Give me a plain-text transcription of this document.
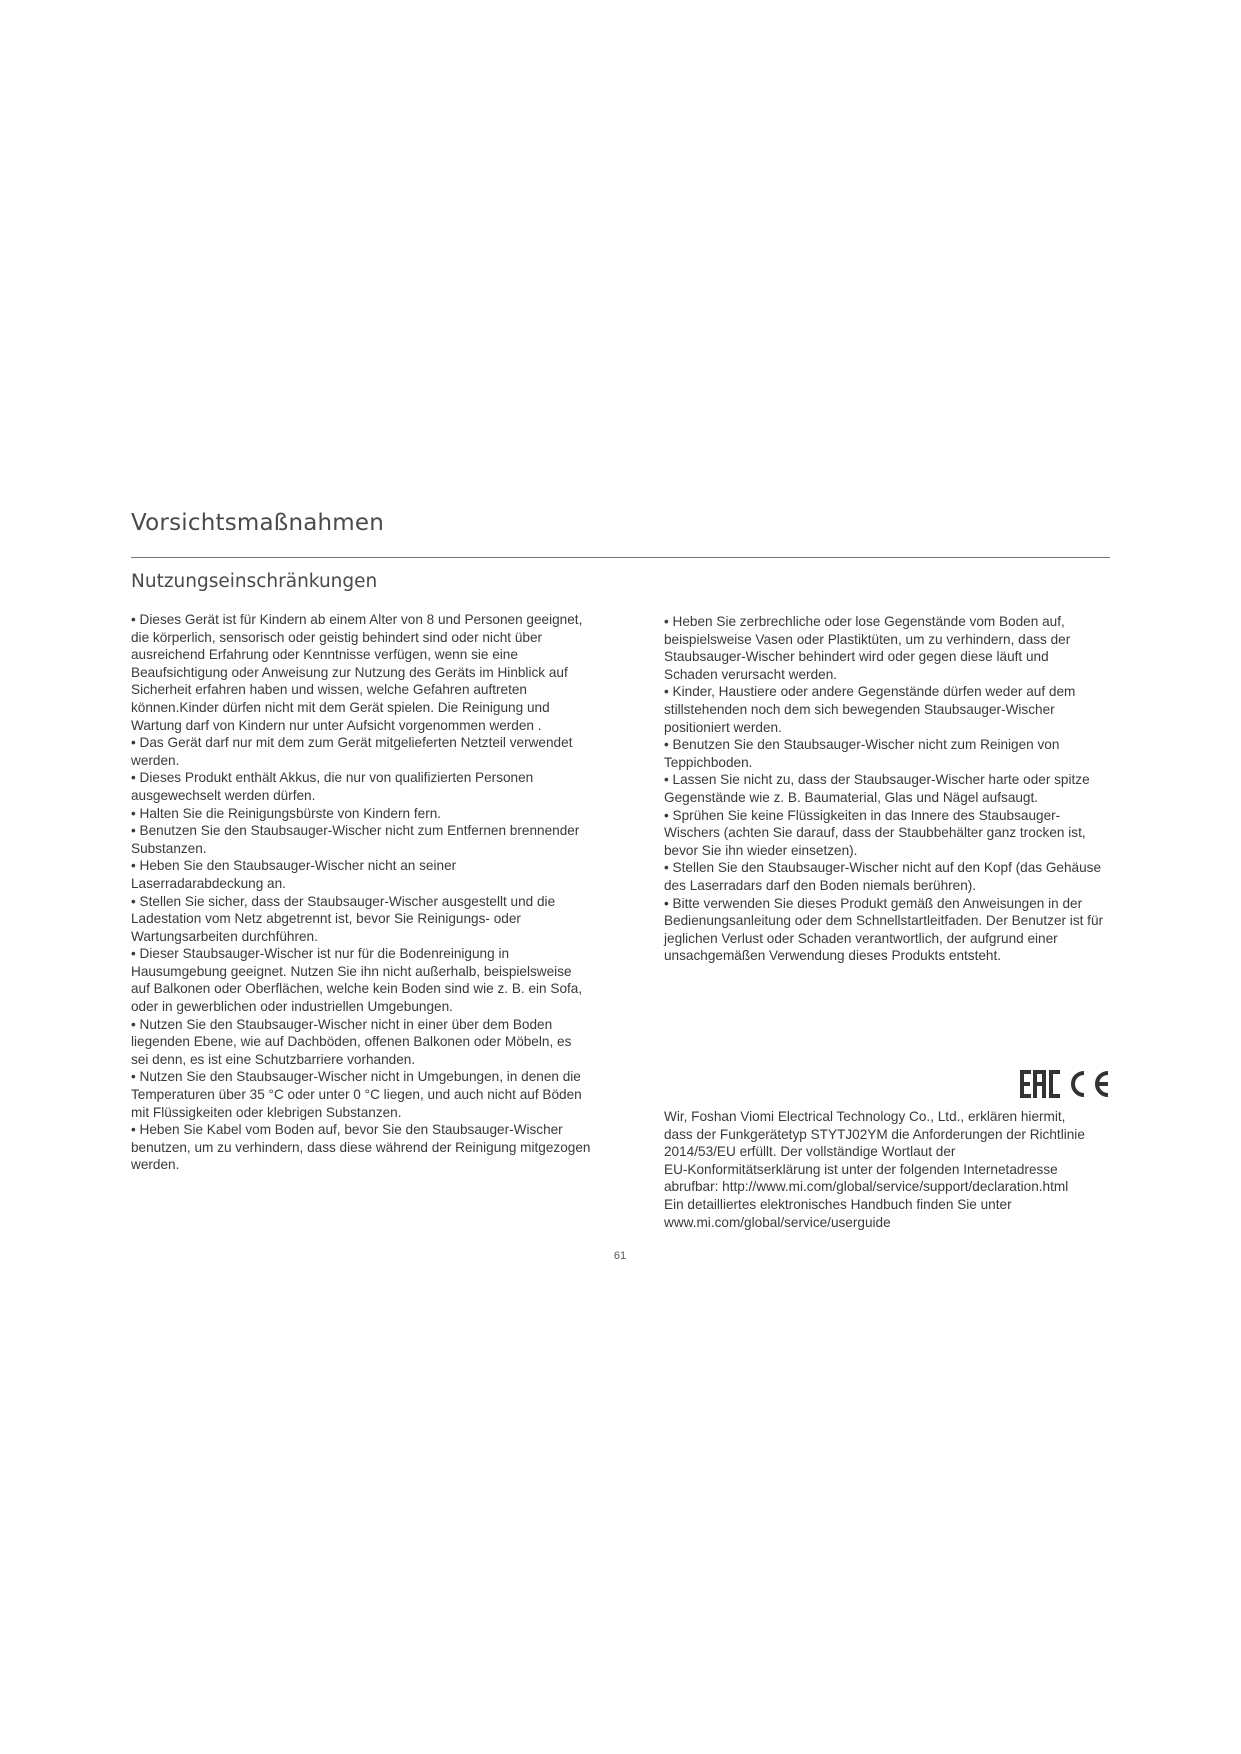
Vorsichtsmaßnahmen
Nutzungseinschränkungen
• Dieses Gerät ist für Kindern ab einem Alter von 8 und Personen geeignet, die körperlich, sensorisch oder geistig behindert sind oder nicht über ausreichend Erfahrung oder Kenntnisse verfügen, wenn sie eine Beaufsichtigung oder Anweisung zur Nutzung des Geräts im Hinblick auf Sicherheit erfahren haben und wissen, welche Gefahren auftreten können.Kinder dürfen nicht mit dem Gerät spielen. Die Reinigung und Wartung darf von Kindern nur unter Aufsicht vorgenommen werden .
• Das Gerät darf nur mit dem zum Gerät mitgelieferten Netzteil verwendet werden.
• Dieses Produkt enthält Akkus, die nur von qualifizierten Personen ausgewechselt werden dürfen.
• Halten Sie die Reinigungsbürste von Kindern fern.
• Benutzen Sie den Staubsauger-Wischer nicht zum Entfernen brennender Substanzen.
• Heben Sie den Staubsauger-Wischer nicht an seiner Laserradarabdeckung an.
• Stellen Sie sicher, dass der Staubsauger-Wischer ausgestellt und die Ladestation vom Netz abgetrennt ist, bevor Sie Reinigungs- oder Wartungsarbeiten durchführen.
• Dieser Staubsauger-Wischer ist nur für die Bodenreinigung in Hausumgebung geeignet. Nutzen Sie ihn nicht außerhalb, beispielsweise auf Balkonen oder Oberflächen, welche kein Boden sind wie z. B. ein Sofa, oder in gewerblichen oder industriellen Umgebungen.
• Nutzen Sie den Staubsauger-Wischer nicht in einer über dem Boden liegenden Ebene, wie auf Dachböden, offenen Balkonen oder Möbeln, es sei denn, es ist eine Schutzbarriere vorhanden.
• Nutzen Sie den Staubsauger-Wischer nicht in Umgebungen, in denen die Temperaturen über 35 °C oder unter 0 °C liegen, und auch nicht auf Böden mit Flüssigkeiten oder klebrigen Substanzen.
• Heben Sie Kabel vom Boden auf, bevor Sie den Staubsauger-Wischer benutzen, um zu verhindern, dass diese während der Reinigung mitgezogen werden.
• Heben Sie zerbrechliche oder lose Gegenstände vom Boden auf, beispielsweise Vasen oder Plastiktüten, um zu verhindern, dass der Staubsauger-Wischer behindert wird oder gegen diese läuft und Schaden verursacht werden.
• Kinder, Haustiere oder andere Gegenstände dürfen weder auf dem stillstehenden noch dem sich bewegenden Staubsauger-Wischer positioniert werden.
• Benutzen Sie den Staubsauger-Wischer nicht zum Reinigen von Teppichboden.
• Lassen Sie nicht zu, dass der Staubsauger-Wischer harte oder spitze Gegenstände wie z. B. Baumaterial, Glas und Nägel aufsaugt.
• Sprühen Sie keine Flüssigkeiten in das Innere des Staubsauger-Wischers (achten Sie darauf, dass der Staubbehälter ganz trocken ist, bevor Sie ihn wieder einsetzen).
• Stellen Sie den Staubsauger-Wischer nicht auf den Kopf (das Gehäuse des Laserradars darf den Boden niemals berühren).
• Bitte verwenden Sie dieses Produkt gemäß den Anweisungen in der Bedienungsanleitung oder dem Schnellstartleitfaden. Der Benutzer ist für jeglichen Verlust oder Schaden verantwortlich, der aufgrund einer unsachgemäßen Verwendung dieses Produkts entsteht.

Wir, Foshan Viomi Electrical Technology Co., Ltd., erklären hiermit,
dass der Funkgerätetyp STYTJ02YM die Anforderungen der Richtlinie
2014/53/EU erfüllt. Der vollständige Wortlaut der
EU-Konformitätserklärung ist unter der folgenden Internetadresse
abrufbar: http://www.mi.com/global/service/support/declaration.html
Ein detailliertes elektronisches Handbuch finden Sie unter
www.mi.com/global/service/userguide

61
